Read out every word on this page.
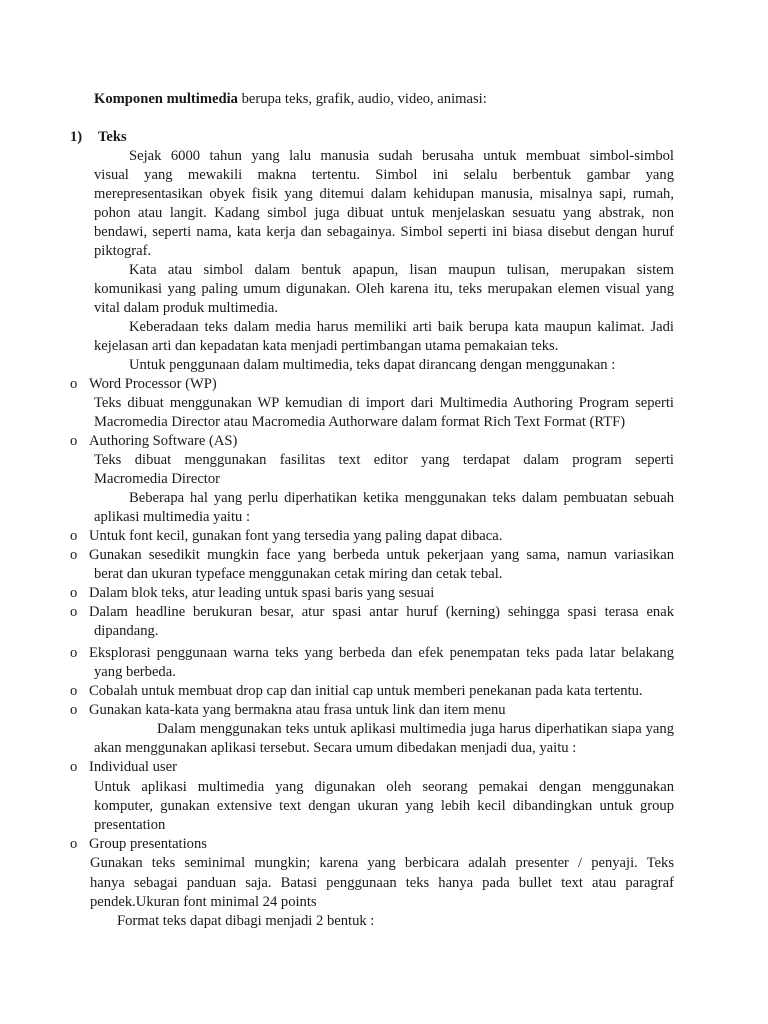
Komponen multimedia berupa teks, grafik, audio, video, animasi:
1) Teks
Sejak 6000 tahun yang lalu manusia sudah berusaha untuk membuat simbol-simbol
visual yang mewakili makna tertentu. Simbol ini selalu berbentuk gambar yang
merepresentasikan obyek fisik yang ditemui dalam kehidupan manusia, misalnya sapi, rumah,
pohon atau langit. Kadang simbol juga dibuat untuk menjelaskan sesuatu yang abstrak, non
bendawi, seperti nama, kata kerja dan sebagainya. Simbol seperti ini biasa disebut dengan huruf
piktograf.
Kata atau simbol dalam bentuk apapun, lisan maupun tulisan, merupakan sistem
komunikasi yang paling umum digunakan. Oleh karena itu, teks merupakan elemen visual yang
vital dalam produk multimedia.
Keberadaan teks dalam media harus memiliki arti baik berupa kata maupun kalimat. Jadi
kejelasan arti dan kepadatan kata menjadi pertimbangan utama pemakaian teks.
Untuk penggunaan dalam multimedia, teks dapat dirancang dengan menggunakan :
o Word Processor (WP)
Teks dibuat menggunakan WP kemudian di import dari Multimedia Authoring Program seperti
Macromedia Director atau Macromedia Authorware dalam format Rich Text Format (RTF)
o Authoring Software (AS)
Teks dibuat menggunakan fasilitas text editor yang terdapat dalam program seperti
Macromedia Director
Beberapa hal yang perlu diperhatikan ketika menggunakan teks dalam pembuatan sebuah
aplikasi multimedia yaitu :
o Untuk font kecil, gunakan font yang tersedia yang paling dapat dibaca.
o Gunakan sesedikit mungkin face yang berbeda untuk pekerjaan yang sama, namun variasikan
berat dan ukuran typeface menggunakan cetak miring dan cetak tebal.
o Dalam blok teks, atur leading untuk spasi baris yang sesuai
o Dalam headline berukuran besar, atur spasi antar huruf (kerning) sehingga spasi terasa enak
dipandang.
o Eksplorasi penggunaan warna teks yang berbeda dan efek penempatan teks pada latar belakang
yang berbeda.
o Cobalah untuk membuat drop cap dan initial cap untuk memberi penekanan pada kata tertentu.
o Gunakan kata-kata yang bermakna atau frasa untuk link dan item menu
Dalam menggunakan teks untuk aplikasi multimedia juga harus diperhatikan siapa yang
akan menggunakan aplikasi tersebut. Secara umum dibedakan menjadi dua, yaitu :
o Individual user
Untuk aplikasi multimedia yang digunakan oleh seorang pemakai dengan menggunakan
komputer, gunakan extensive text dengan ukuran yang lebih kecil dibandingkan untuk group
presentation
o Group presentations
Gunakan teks seminimal mungkin; karena yang berbicara adalah presenter / penyaji. Teks
hanya sebagai panduan saja. Batasi penggunaan teks hanya pada bullet text atau paragraf
pendek.Ukuran font minimal 24 points
Format teks dapat dibagi menjadi 2 bentuk :
